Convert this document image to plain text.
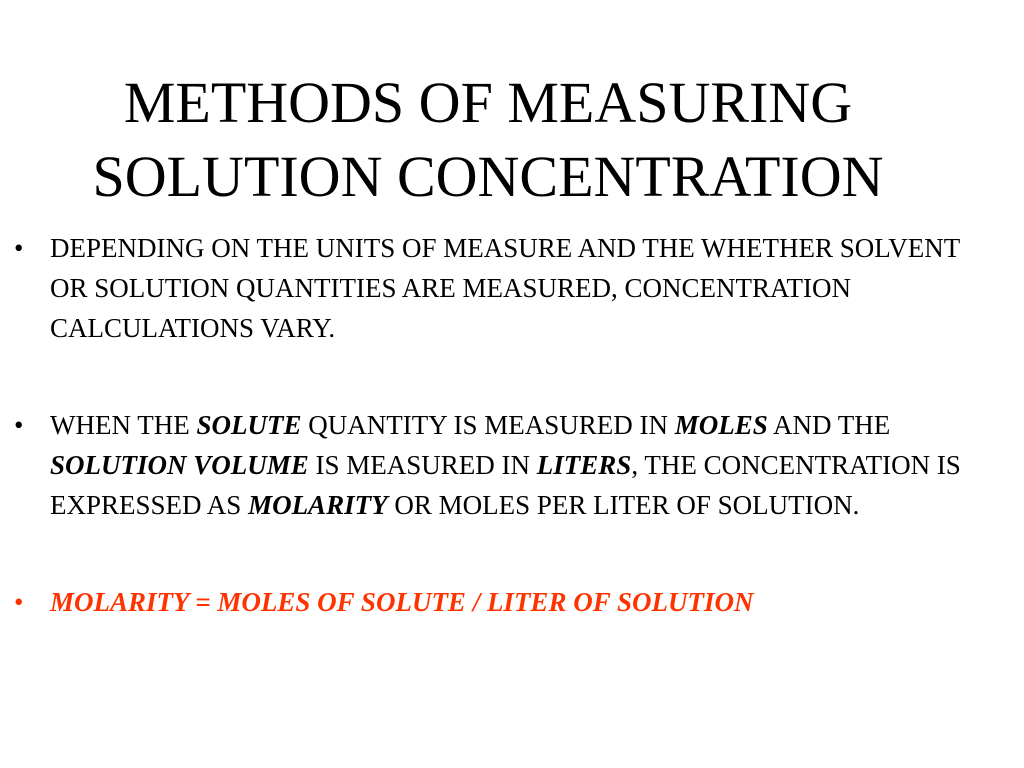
METHODS OF MEASURING
SOLUTION CONCENTRATION
• DEPENDING ON THE UNITS OF MEASURE AND THE WHETHER SOLVENT OR SOLUTION QUANTITIES ARE MEASURED, CONCENTRATION CALCULATIONS VARY.
• WHEN THE SOLUTE QUANTITY IS MEASURED IN MOLES AND THE SOLUTION VOLUME IS MEASURED IN LITERS, THE CONCENTRATION IS EXPRESSED AS MOLARITY OR MOLES PER LITER OF SOLUTION.
• MOLARITY = MOLES OF SOLUTE / LITER OF SOLUTION
